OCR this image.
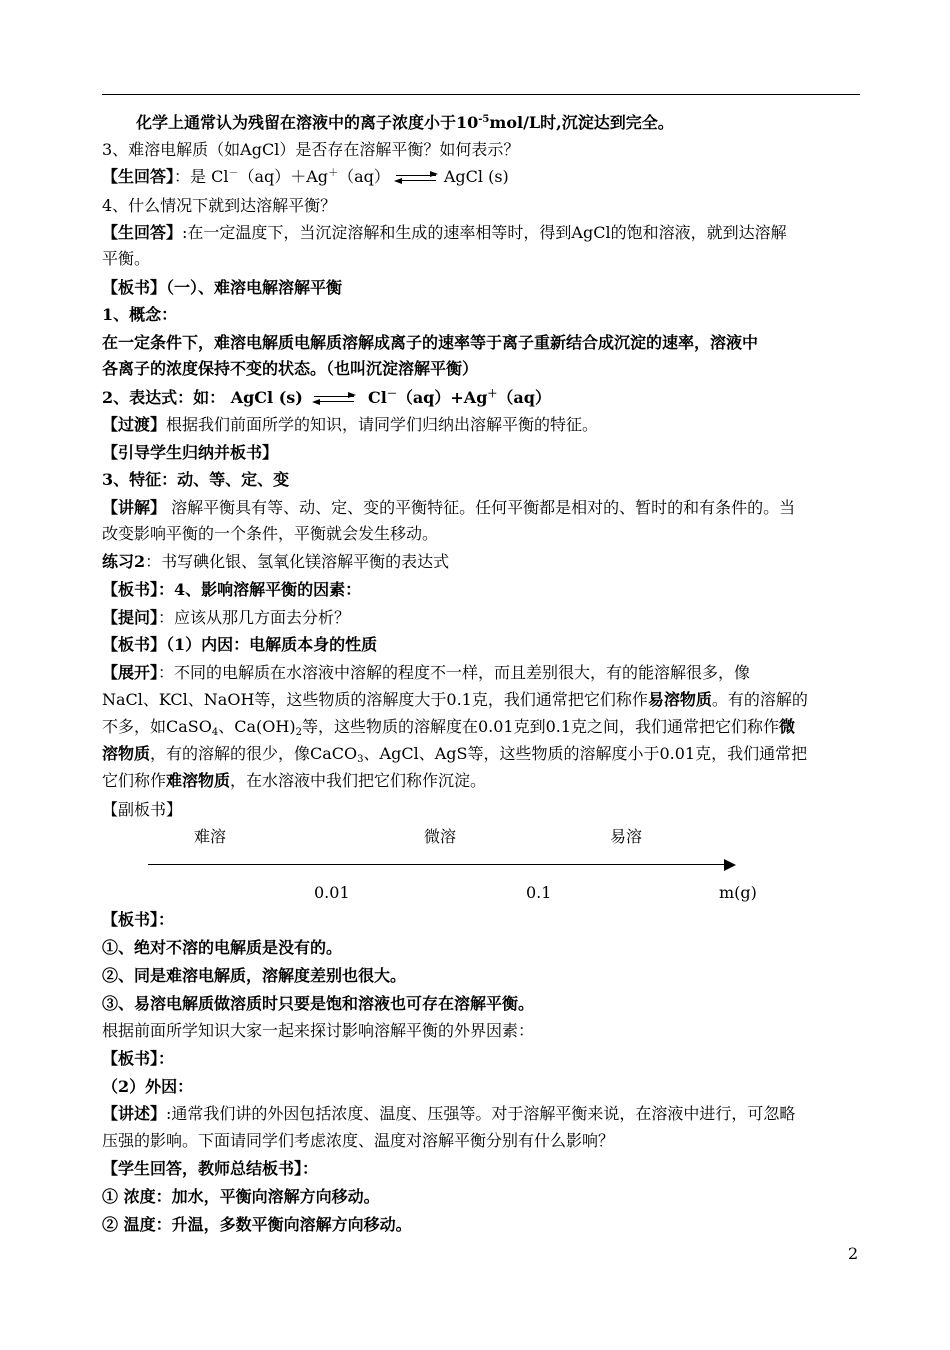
化学上通常认为残留在溶液中的离子浓度小于$10^{-5}mol/L$时,沉淀达到完全。
3、难溶电解质（如AgCl）是否存在溶解平衡？如何表示？
【生回答】：是 Cl－（aq）＋Ag＋（aq）	AgCl (s)
4、什么情况下就到达溶解平衡？
【生回答】:在一定温度下，当沉淀溶解和生成的速率相等时，得到AgCl的饱和溶液，就到达溶解
平衡。
【板书】（一）、难溶电解溶解平衡
1、概念：
在一定条件下，难溶电解质电解质溶解成离子的速率等于离子重新结合成沉淀的速率，溶液中
各离子的浓度保持不变的状态。（也叫沉淀溶解平衡）
2、表达式：如： AgCl (s)	Cl－（aq）+Ag＋（aq）
【过渡】根据我们前面所学的知识，请同学们归纳出溶解平衡的特征。
【引导学生归纳并板书】
3、特征：动、等、定、变
【讲解】 溶解平衡具有等、动、定、变的平衡特征。任何平衡都是相对的、暂时的和有条件的。当
改变影响平衡的一个条件，平衡就会发生移动。
练习2：书写碘化银、氢氧化镁溶解平衡的表达式
【板书】：4、影响溶解平衡的因素：
【提问】：应该从那几方面去分析？
【板书】（1）内因：电解质本身的性质
【展开】：不同的电解质在水溶液中溶解的程度不一样，而且差别很大，有的能溶解很多，像
NaCl、KCl、NaOH等，这些物质的溶解度大于0.1克，我们通常把它们称作易溶物质。有的溶解的
不多，如CaSO$_4$、$Ca(OH)_2$等，这些物质的溶解度在0.01克到0.1克之间，我们通常把它们称作微
溶物质，有的溶解的很少，像CaCO$_3$、AgCl、AgS等，这些物质的溶解度小于0.01克，我们通常把
它们称作难溶物质，在水溶液中我们把它们称作沉淀。
【副板书】
难溶	微溶	易溶
0.01	0.1	m(g)
【板书】：
①、绝对不溶的电解质是没有的。
②、同是难溶电解质，溶解度差别也很大。
③、易溶电解质做溶质时只要是饱和溶液也可存在溶解平衡。
根据前面所学知识大家一起来探讨影响溶解平衡的外界因素：
【板书】：
（2）外因：
【讲述】:通常我们讲的外因包括浓度、温度、压强等。对于溶解平衡来说，在溶液中进行，可忽略
压强的影响。下面请同学们考虑浓度、温度对溶解平衡分别有什么影响？
【学生回答，教师总结板书】：
① 浓度：加水，平衡向溶解方向移动。
② 温度：升温，多数平衡向溶解方向移动。
2
